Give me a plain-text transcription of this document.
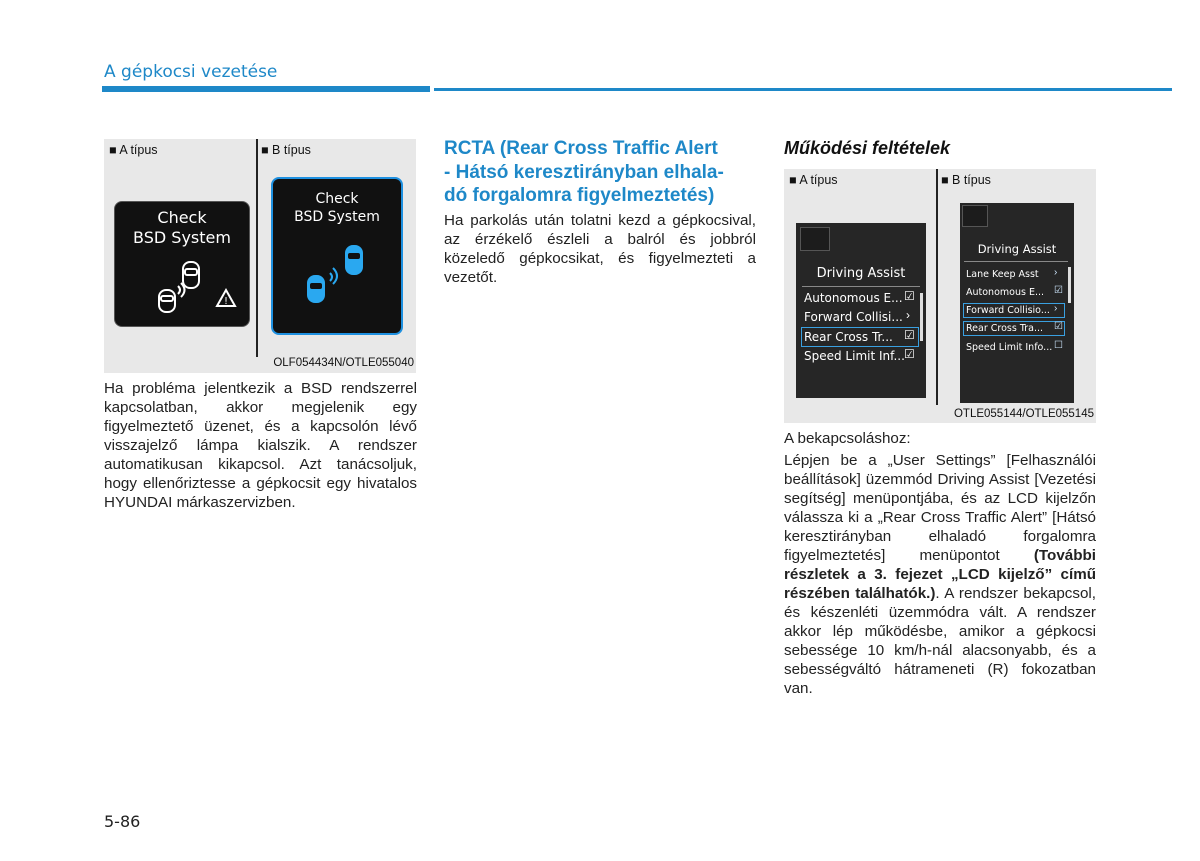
A gépkocsi vezetése
■ A típus	■ B típus
Check
BSD System
!
Check
BSD System
OLF054434N/OTLE055040
Ha probléma jelentkezik a BSD rendszerrel kapcsolatban, akkor megjelenik egy figyelmeztető üzenet, és a kapcsolón lévő visszajelző lámpa kialszik. A rendszer automatikusan kikapcsol. Azt tanácsoljuk, hogy ellenőriztesse a gépkocsit egy hivatalos HYUNDAI márkaszervizben.
RCTA (Rear Cross Traffic Alert
- Hátsó keresztirányban elhala-
dó forgalomra figyelmeztetés)
Ha parkolás után tolatni kezd a gépkocsival, az érzékelő észleli a balról és jobbról közeledő gépkocsikat, és figyelmezteti a vezetőt.
Működési feltételek
■ A típus	■ B típus
Driving Assist
Autonomous E... ☑
Forward Collisi... ›
Rear Cross Tr... ☑
Speed Limit Inf... ☑
Driving Assist
Lane Keep Asst ›
Autonomous E... ☑
Forward Collisio... ›
Rear Cross Tra... ☑
Speed Limit Info... ☐
OTLE055144/OTLE055145
A bekapcsoláshoz:
Lépjen be a „User Settings” [Felhasználói beállítások] üzemmód Driving Assist [Vezetési segítség] menüpontjába, és az LCD kijelzőn válassza ki a „Rear Cross Traffic Alert” [Hátsó keresztirányban elhaladó forgalomra figyelmeztetés] menüpontot (További részletek a 3. fejezet „LCD kijelző” című részében találhatók.). A rendszer bekapcsol, és készenléti üzemmódra vált. A rendszer akkor lép működésbe, amikor a gépkocsi sebessége 10 km/h-nál alacsonyabb, és a sebességváltó hátrameneti (R) fokozatban van.
5-86
